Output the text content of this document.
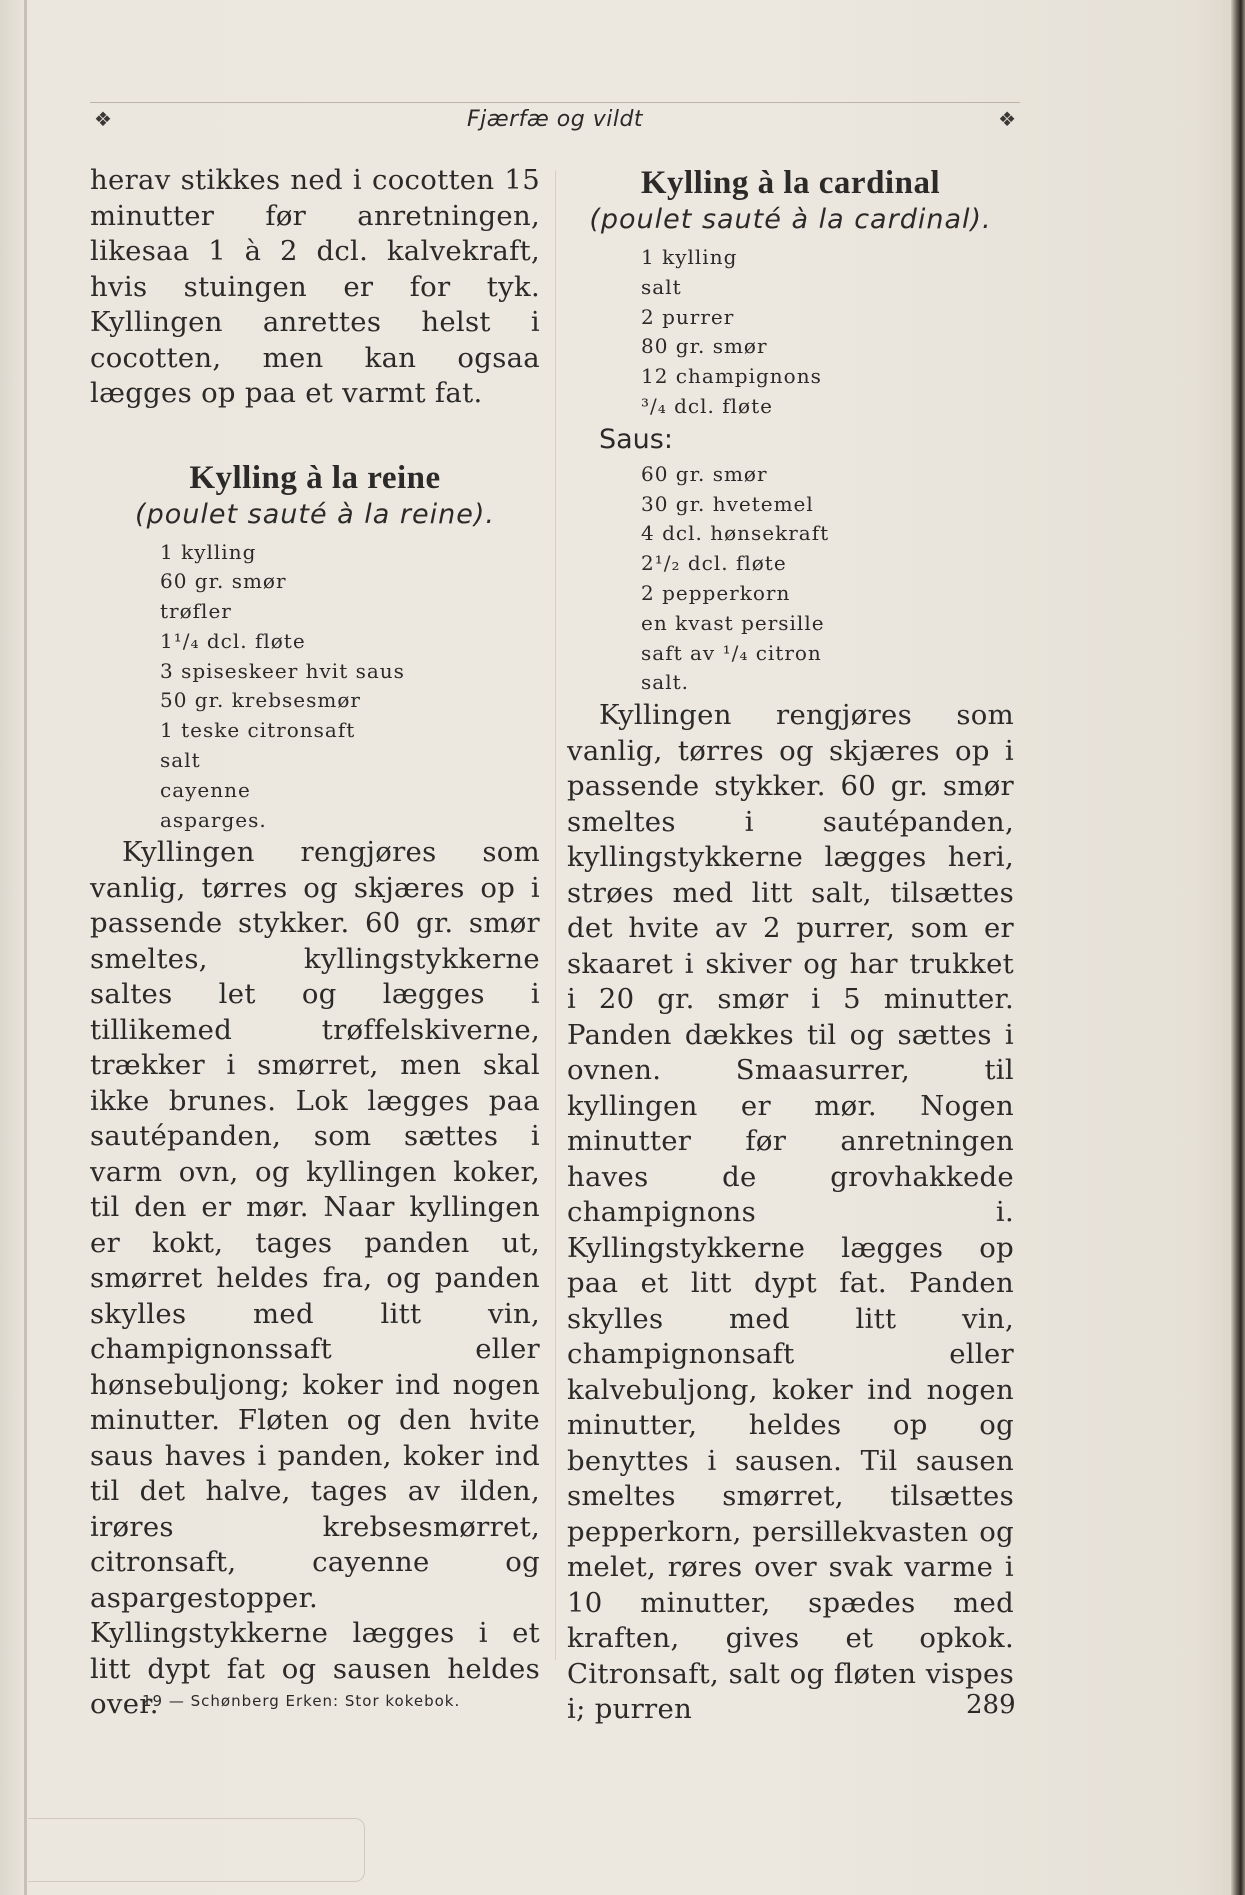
❖	Fjærfæ og vildt	❖

herav stikkes ned i cocotten 15 minutter før anretningen, likesaa 1 à 2 dcl. kalvekraft, hvis stuingen er for tyk. Kyllingen anrettes helst i cocotten, men kan ogsaa lægges op paa et varmt fat.

Kylling à la reine

(poulet sauté à la reine).

1 kylling
60 gr. smør
trøfler
1¹/₄ dcl. fløte
3 spiseskeer hvit saus
50 gr. krebsesmør
1 teske citronsaft
salt
cayenne
asparges.

Kyllingen rengjøres som vanlig, tørres og skjæres op i passende stykker. 60 gr. smør smeltes, kyllingstykkerne saltes let og lægges i tillikemed trøffelskiverne, trækker i smørret, men skal ikke brunes. Lok lægges paa sautépanden, som sættes i varm ovn, og kyllingen koker, til den er mør. Naar kyllingen er kokt, tages panden ut, smørret heldes fra, og panden skylles med litt vin, champignonssaft eller hønsebuljong; koker ind nogen minutter. Fløten og den hvite saus haves i panden, koker ind til det halve, tages av ilden, irøres krebsesmørret, citronsaft, cayenne og aspargestopper. Kyllingstykkerne lægges i et litt dypt fat og sausen heldes over.

Kylling à la cardinal

(poulet sauté à la cardinal).

1 kylling
salt
2 purrer
80 gr. smør
12 champignons
³/₄ dcl. fløte

Saus:

60 gr. smør
30 gr. hvetemel
4 dcl. hønsekraft
2¹/₂ dcl. fløte
2 pepperkorn
en kvast persille
saft av ¹/₄ citron
salt.

Kyllingen rengjøres som vanlig, tørres og skjæres op i passende stykker. 60 gr. smør smeltes i sautépanden, kyllingstykkerne lægges heri, strøes med litt salt, tilsættes det hvite av 2 purrer, som er skaaret i skiver og har trukket i 20 gr. smør i 5 minutter. Panden dækkes til og sættes i ovnen. Smaasurrer, til kyllingen er mør. Nogen minutter før anretningen haves de grovhakkede champignons i. Kyllingstykkerne lægges op paa et litt dypt fat. Panden skylles med litt vin, champignonsaft eller kalvebuljong, koker ind nogen minutter, heldes op og benyttes i sausen. Til sausen smeltes smørret, tilsættes pepperkorn, persillekvasten og melet, røres over svak varme i 10 minutter, spædes med kraften, gives et opkok. Citronsaft, salt og fløten vispes i; purren

19 — Schønberg Erken: Stor kokebok.	289
